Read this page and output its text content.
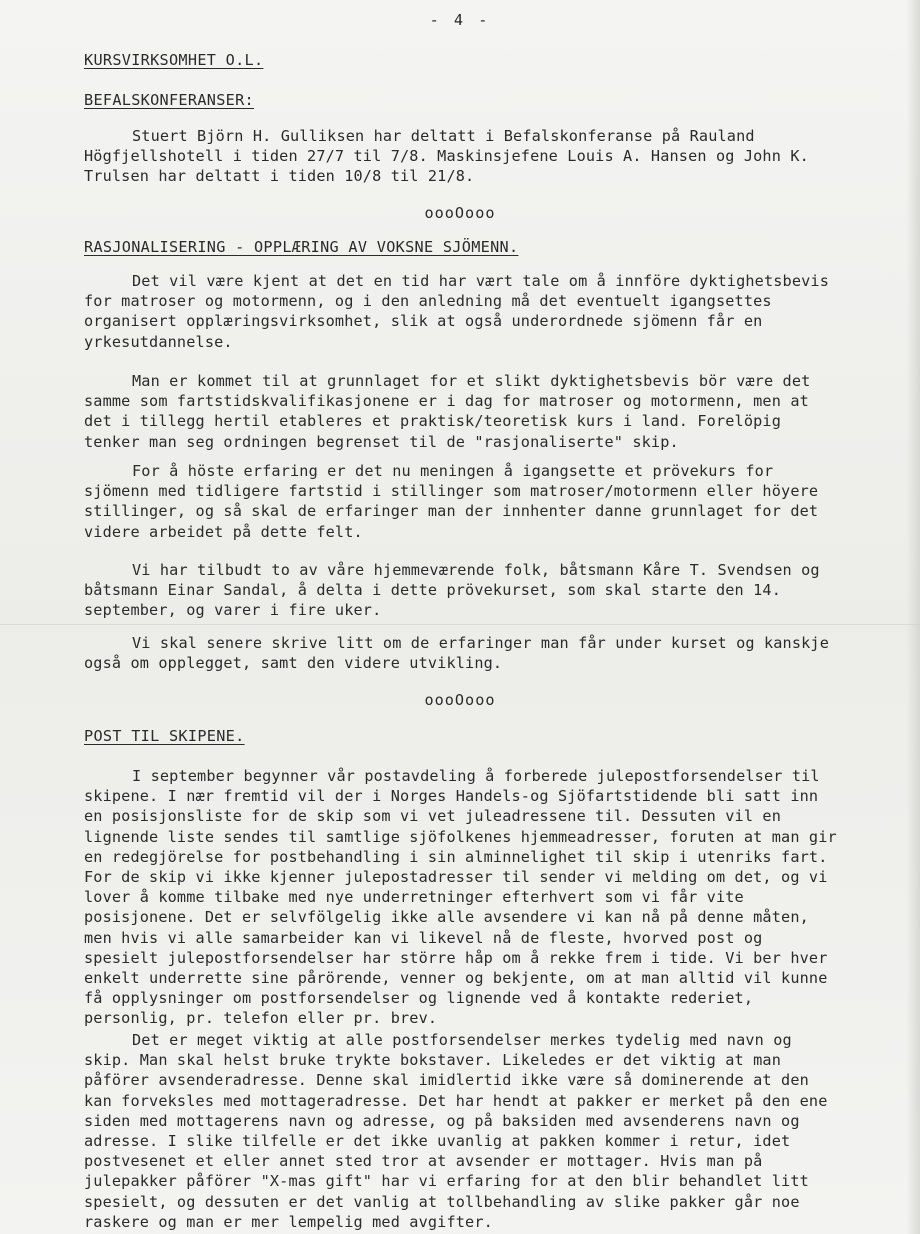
- 4 -
KURSVIRKSOMHET O.L.
BEFALSKONFERANSER:

Stuert Björn H. Gulliksen har deltatt i Befalskonferanse på Rauland Högfjellshotell i tiden 27/7 til 7/8. Maskinsjefene Louis A. Hansen og John K. Trulsen har deltatt i tiden 10/8 til 21/8.

oooOooo
RASJONALISERING - OPPLÆRING AV VOKSNE SJÖMENN.

Det vil være kjent at det en tid har vært tale om å innföre dyktighetsbevis for matroser og motormenn, og i den anledning må det eventuelt igangsettes organisert opplæringsvirksomhet, slik at også underordnede sjömenn får en yrkesutdannelse.

Man er kommet til at grunnlaget for et slikt dyktighetsbevis bör være det samme som fartstidskvalifikasjonene er i dag for matroser og motormenn, men at det i tillegg hertil etableres et praktisk/teoretisk kurs i land. Forelöpig tenker man seg ordningen begrenset til de "rasjonaliserte" skip.

For å höste erfaring er det nu meningen å igangsette et prövekurs for sjömenn med tidligere fartstid i stillinger som matroser/motormenn eller höyere stillinger, og så skal de erfaringer man der innhenter danne grunnlaget for det videre arbeidet på dette felt.

Vi har tilbudt to av våre hjemmeværende folk, båtsmann Kåre T. Svendsen og båtsmann Einar Sandal, å delta i dette prövekurset, som skal starte den 14. september, og varer i fire uker.

Vi skal senere skrive litt om de erfaringer man får under kurset og kanskje også om opplegget, samt den videre utvikling.

oooOooo
POST TIL SKIPENE.

I september begynner vår postavdeling å forberede julepostforsendelser til skipene. I nær fremtid vil der i Norges Handels-og Sjöfartstidende bli satt inn en posisjonsliste for de skip som vi vet juleadressene til. Dessuten vil en lignende liste sendes til samtlige sjöfolkenes hjemmeadresser, foruten at man gir en redegjörelse for postbehandling i sin alminnelighet til skip i utenriks fart. For de skip vi ikke kjenner julepostadresser til sender vi melding om det, og vi lover å komme tilbake med nye underretninger efterhvert som vi får vite posisjonene. Det er selvfölgelig ikke alle avsendere vi kan nå på denne måten, men hvis vi alle samarbeider kan vi likevel nå de fleste, hvorved post og spesielt julepostforsendelser har större håp om å rekke frem i tide. Vi ber hver enkelt underrette sine pårörende, venner og bekjente, om at man alltid vil kunne få opplysninger om postforsendelser og lignende ved å kontakte rederiet, personlig, pr. telefon eller pr. brev.

Det er meget viktig at alle postforsendelser merkes tydelig med navn og skip. Man skal helst bruke trykte bokstaver. Likeledes er det viktig at man påförer avsenderadresse. Denne skal imidlertid ikke være så dominerende at den kan forveksles med mottageradresse. Det har hendt at pakker er merket på den ene siden med mottagerens navn og adresse, og på baksiden med avsenderens navn og adresse. I slike tilfelle er det ikke uvanlig at pakken kommer i retur, idet postvesenet et eller annet sted tror at avsender er mottager. Hvis man på julepakker påförer "X-mas gift" har vi erfaring for at den blir behandlet litt spesielt, og dessuten er det vanlig at tollbehandling av slike pakker går noe raskere og man er mer lempelig med avgifter.
